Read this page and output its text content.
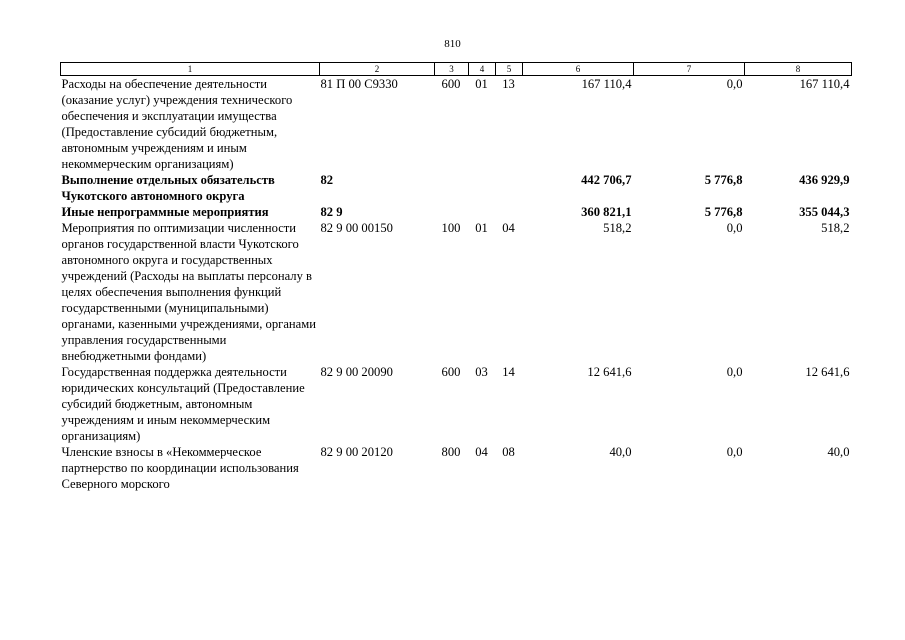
810
1	2	3	4	5	6	7	8
Расходы на обеспечение деятельности (оказание услуг) учреждения технического обеспечения и эксплуатации имущества (Предоставление субсидий бюджетным, автономным учреждениям и иным некоммерческим организациям)	81 П 00 С9330	600	01	13	167 110,4	0,0	167 110,4
Выполнение отдельных обязательств Чукотского автономного округа	82				442 706,7	5 776,8	436 929,9
Иные непрограммные мероприятия	82 9				360 821,1	5 776,8	355 044,3
Мероприятия по оптимизации численности органов государственной власти Чукотского автономного округа и государственных учреждений (Расходы на выплаты персоналу в целях обеспечения выполнения функций государственными (муниципальными) органами, казенными учреждениями, органами управления государственными внебюджетными фондами)	82 9 00 00150	100	01	04	518,2	0,0	518,2
Государственная поддержка деятельности юридических консультаций (Предоставление субсидий бюджетным, автономным учреждениям и иным некоммерческим организациям)	82 9 00 20090	600	03	14	12 641,6	0,0	12 641,6
Членские взносы в «Некоммерческое партнерство по координации использования Северного морского	82 9 00 20120	800	04	08	40,0	0,0	40,0
